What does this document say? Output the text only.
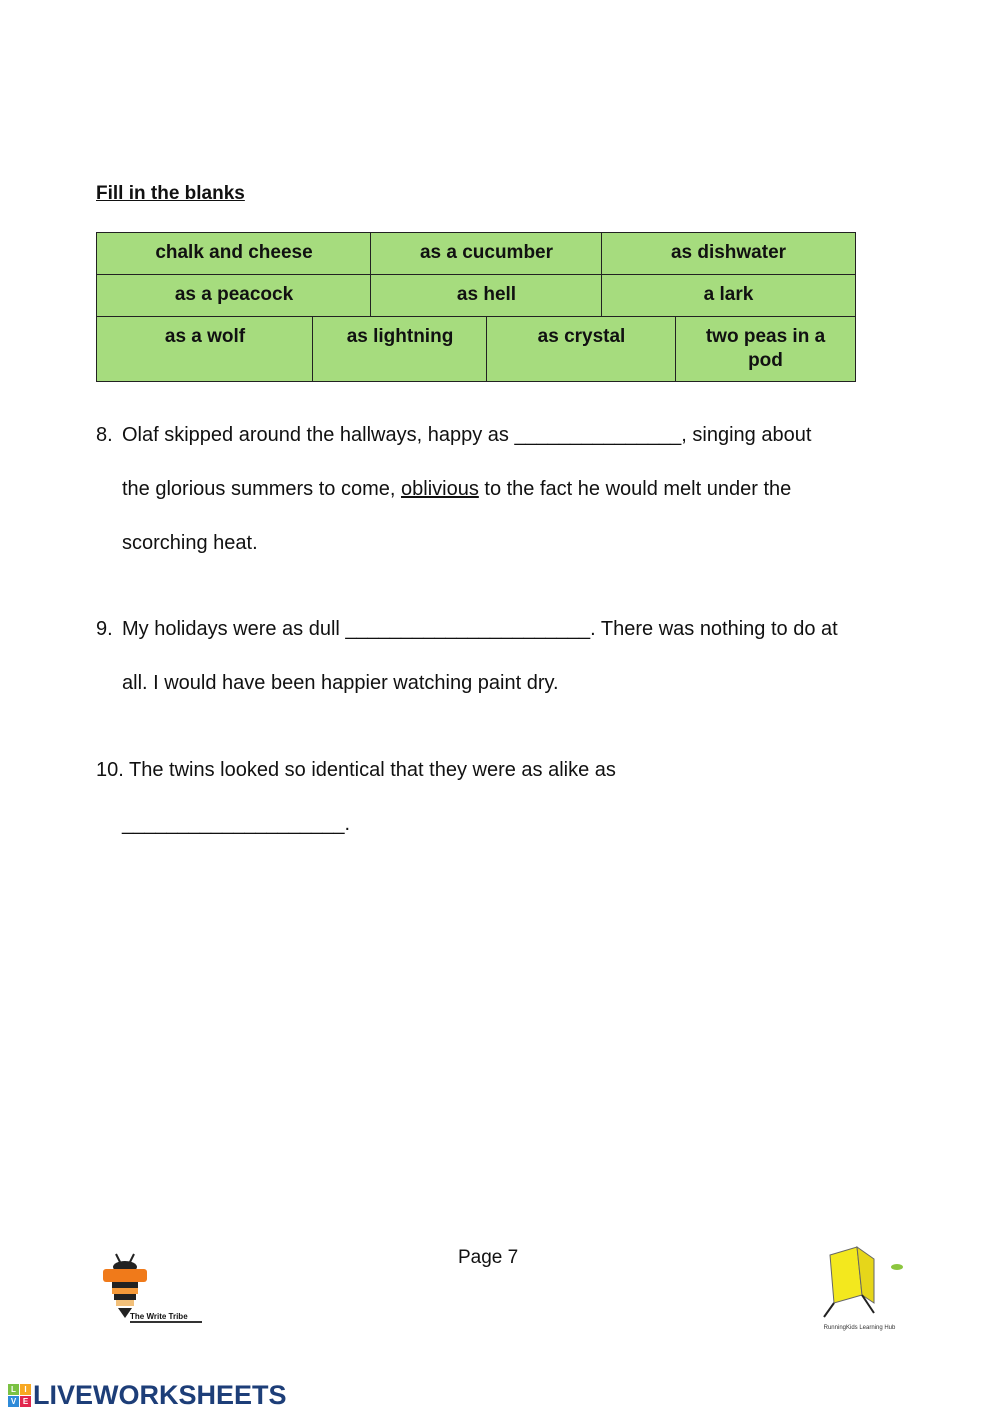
Fill in the blanks
chalk and cheese	as a cucumber	as dishwater
as a peacock	as hell	a lark
as a wolf	as lightning	as crystal	two peas in a pod
8. Olaf skipped around the hallways, happy as _______________, singing about
the glorious summers to come, oblivious to the fact he would melt under the
scorching heat.
9. My holidays were as dull ______________________. There was nothing to do at
all. I would have been happier watching paint dry.
10. The twins looked so identical that they were as alike as
____________________.
Page 7
The Write Tribe
RunningKids Learning Hub
L	I
V E LIVEWORKSHEETS
